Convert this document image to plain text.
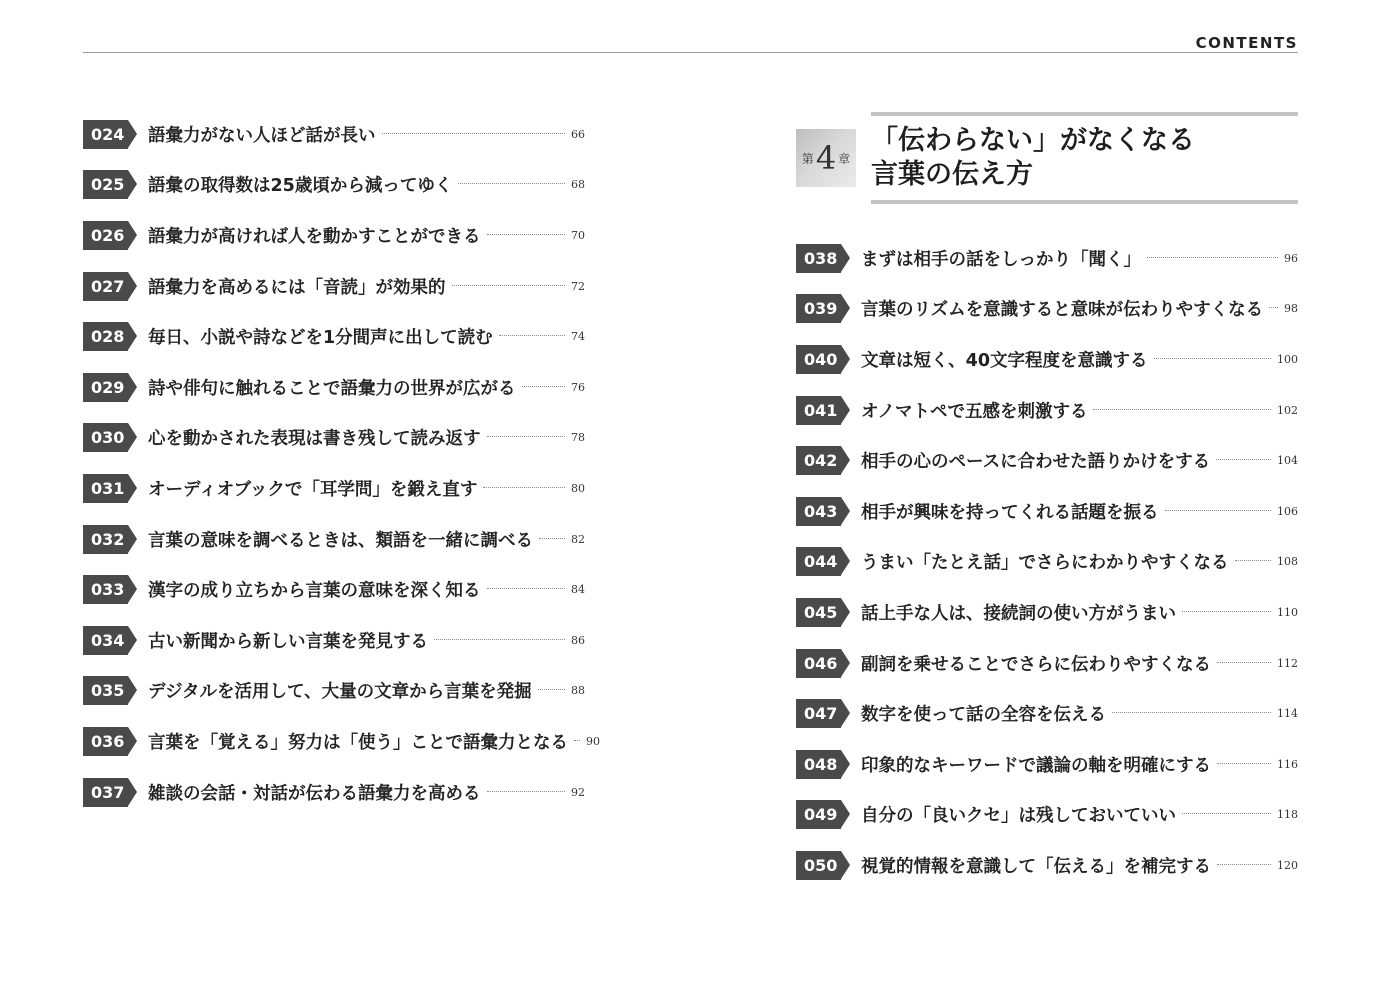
CONTENTS
024 語彙力がない人ほど話が長い	66
025 語彙の取得数は25歳頃から減ってゆく	68
026 語彙力が高ければ人を動かすことができる	70
027 語彙力を高めるには「音読」が効果的	72
028 毎日、小説や詩などを1分間声に出して読む	74
029 詩や俳句に触れることで語彙力の世界が広がる	76
030 心を動かされた表現は書き残して読み返す	78
031 オーディオブックで「耳学問」を鍛え直す	80
032 言葉の意味を調べるときは、類語を一緒に調べる	82
033 漢字の成り立ちから言葉の意味を深く知る	84
034 古い新聞から新しい言葉を発見する	86
035 デジタルを活用して、大量の文章から言葉を発掘	88
036 言葉を「覚える」努力は「使う」ことで語彙力となる 90
037 雑談の会話・対話が伝わる語彙力を高める	92
第 4 章
「伝わらない」がなくなる
言葉の伝え方
038 まずは相手の話をしっかり「聞く」	96
039 言葉のリズムを意識すると意味が伝わりやすくなる 98
040 文章は短く、40文字程度を意識する	100
041 オノマトペで五感を刺激する	102
042 相手の心のペースに合わせた語りかけをする	104
043 相手が興味を持ってくれる話題を振る	106
044 うまい「たとえ話」でさらにわかりやすくなる	108
045 話上手な人は、接続詞の使い方がうまい	110
046 副詞を乗せることでさらに伝わりやすくなる	112
047 数字を使って話の全容を伝える	114
048 印象的なキーワードで議論の軸を明確にする	116
049 自分の「良いクセ」は残しておいていい	118
050 視覚的情報を意識して「伝える」を補完する	120
